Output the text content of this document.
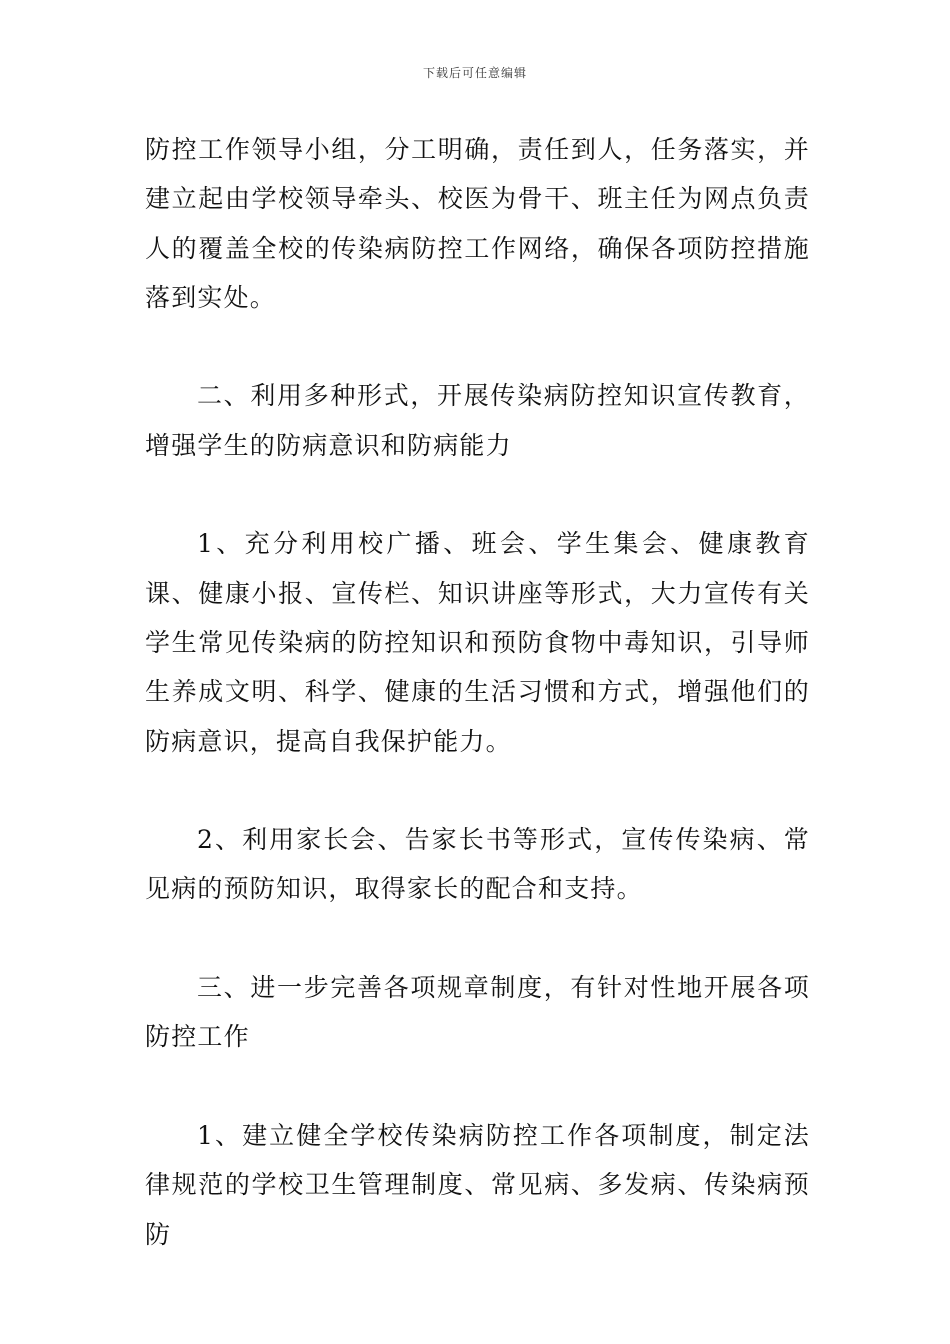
下载后可任意编辑

防控工作领导小组，分工明确，责任到人，任务落实，并建立起由学校领导牵头、校医为骨干、班主任为网点负责人的覆盖全校的传染病防控工作网络，确保各项防控措施落到实处。

二、利用多种形式，开展传染病防控知识宣传教育，增强学生的防病意识和防病能力

1、充分利用校广播、班会、学生集会、健康教育课、健康小报、宣传栏、知识讲座等形式，大力宣传有关学生常见传染病的防控知识和预防食物中毒知识，引导师生养成文明、科学、健康的生活习惯和方式，增强他们的防病意识，提高自我保护能力。

2、利用家长会、告家长书等形式，宣传传染病、常见病的预防知识，取得家长的配合和支持。

三、进一步完善各项规章制度，有针对性地开展各项防控工作

1、建立健全学校传染病防控工作各项制度，制定法律规范的学校卫生管理制度、常见病、多发病、传染病预防
